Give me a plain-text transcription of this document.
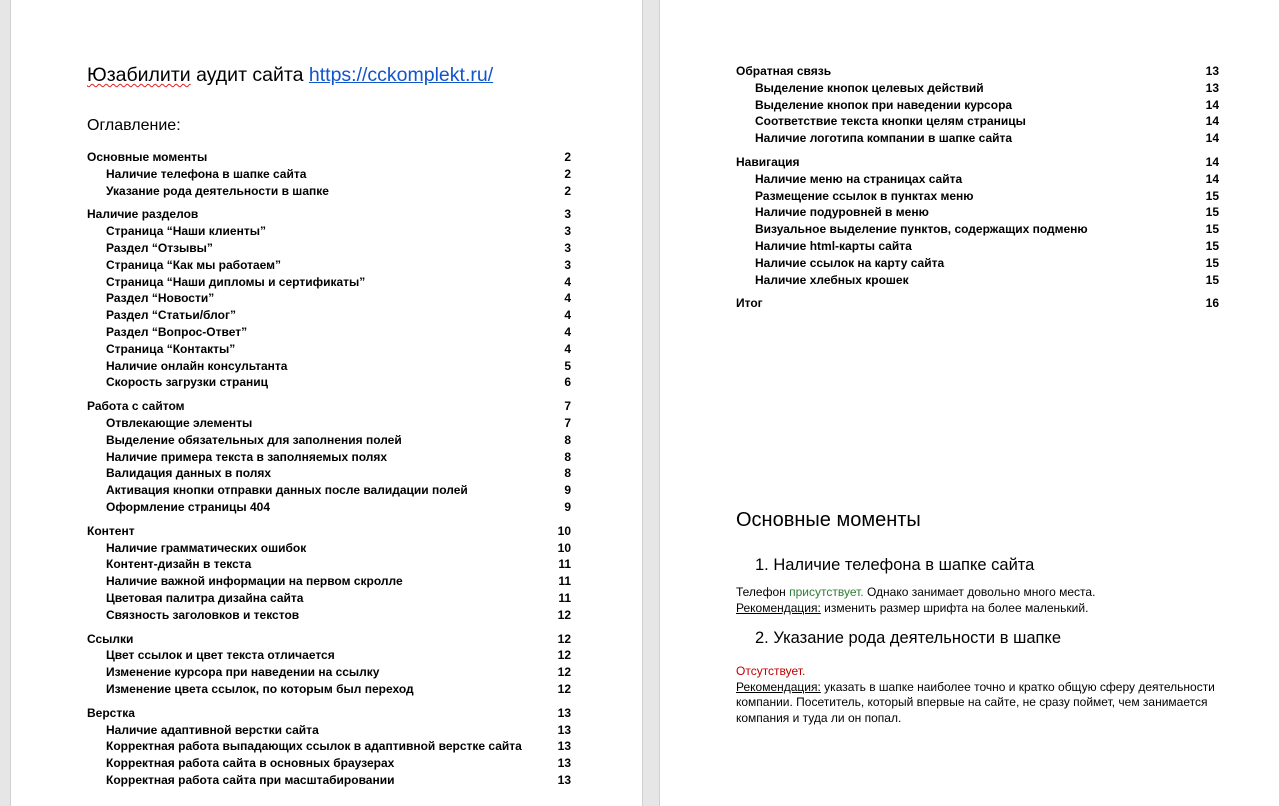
Юзабилити аудит сайта https://cckomplekt.ru/
Оглавление:
Основные моменты	2
Наличие телефона в шапке сайта	2
Указание рода деятельности в шапке	2
Наличие разделов	3
Страница “Наши клиенты”	3
Раздел “Отзывы”	3
Страница “Как мы работаем”	3
Страница “Наши дипломы и сертификаты”	4
Раздел “Новости”	4
Раздел “Статьи/блог”	4
Раздел “Вопрос-Ответ”	4
Страница “Контакты”	4
Наличие онлайн консультанта	5
Скорость загрузки страниц	6
Работа с сайтом	7
Отвлекающие элементы	7
Выделение обязательных для заполнения полей	8
Наличие примера текста в заполняемых полях	8
Валидация данных в полях	8
Активация кнопки отправки данных после валидации полей	9
Оформление страницы 404	9
Контент	10
Наличие грамматических ошибок	10
Контент-дизайн в текста	11
Наличие важной информации на первом скролле	11
Цветовая палитра дизайна сайта	11
Связность заголовков и текстов	12
Ссылки	12
Цвет ссылок и цвет текста отличается	12
Изменение курсора при наведении на ссылку	12
Изменение цвета ссылок, по которым был переход	12
Верстка	13
Наличие адаптивной верстки сайта	13
Корректная работа выпадающих ссылок в адаптивной верстке сайта	13
Корректная работа сайта в основных браузерах	13
Корректная работа сайта при масштабировании	13
Обратная связь	13
Выделение кнопок целевых действий	13
Выделение кнопок при наведении курсора	14
Соответствие текста кнопки целям страницы	14
Наличие логотипа компании в шапке сайта	14
Навигация	14
Наличие меню на страницах сайта	14
Размещение ссылок в пунктах меню	15
Наличие подуровней в меню	15
Визуальное выделение пунктов, содержащих подменю	15
Наличие html-карты сайта	15
Наличие ссылок на карту сайта	15
Наличие хлебных крошек	15
Итог	16
Основные моменты
1. Наличие телефона в шапке сайта

Телефон присутствует. Однако занимает довольно много места.
Рекомендация: изменить размер шрифта на более маленький.

2. Указание рода деятельности в шапке

Отсутствует.
Рекомендация: указать в шапке наиболее точно и кратко общую сферу деятельности компании. Посетитель, который впервые на сайте, не сразу поймет, чем занимается компания и туда ли он попал.
